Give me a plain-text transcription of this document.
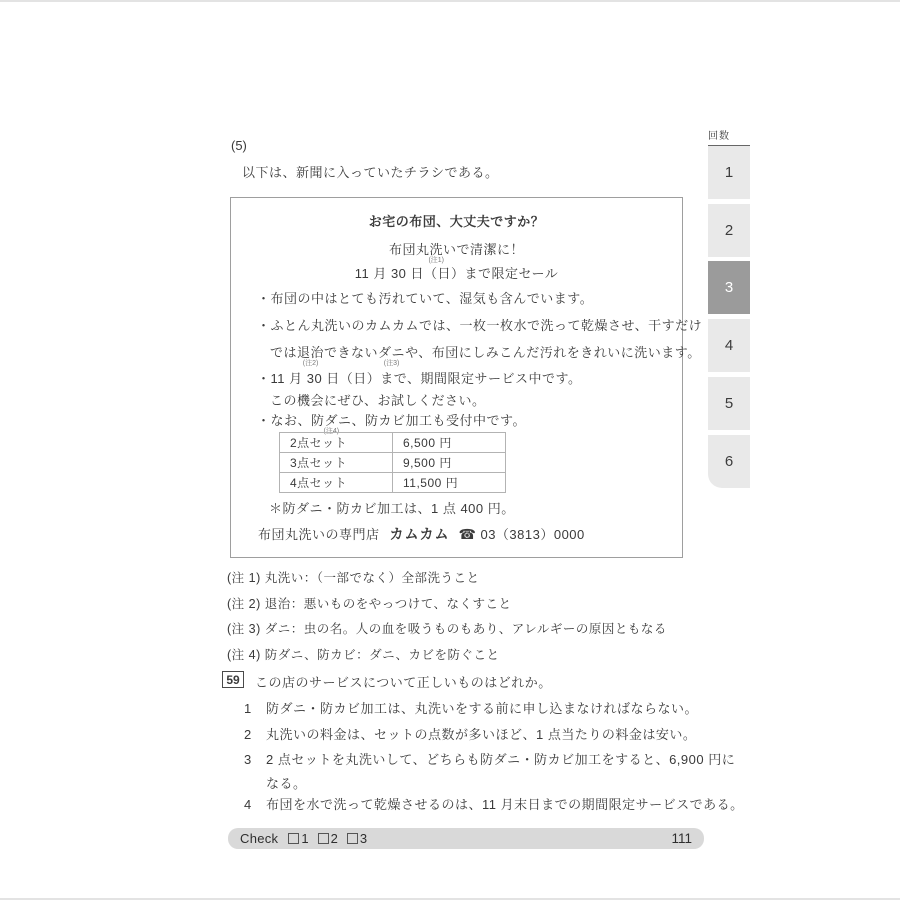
(5)
以下は、新聞に入っていたチラシである。
お宅の布団、大丈夫ですか？
布団丸洗い
(注1)
で清潔に！
11 月 30 日（日）まで限定セール
・布団の中はとても汚れていて、湿気も含んでいます。
・ふとん丸洗いのカムカムでは、一枚一枚水で洗って乾燥させ、干すだけ
では退治
(注2)
できないダニ
(注3)
や、布団にしみこんだ汚れをきれいに洗います。
・11 月 30 日（日）まで、期間限定サービス中です。
この機会にぜひ、お試しください。
・なお、防ダニ
(注4)
、防カビ加工も受付中です。
2点セット	6,500 円
3点セット	9,500 円
4点セット	11,500 円
＊防ダニ・防カビ加工は、1 点 400 円。
布団丸洗いの専門店 カムカム ☎ 03（3813）0000
(注 1) 丸洗い：（一部でなく）全部洗うこと
(注 2) 退治：悪いものをやっつけて、なくすこと
(注 3) ダニ：虫の名。人の血を吸うものもあり、アレルギーの原因ともなる
(注 4) 防ダニ、防カビ：ダニ、カビを防ぐこと
59	この店のサービスについて正しいものはどれか。
1 防ダニ・防カビ加工は、丸洗いをする前に申し込まなければならない。
2 丸洗いの料金は、セットの点数が多いほど、1 点当たりの料金は安い。
3 2 点セットを丸洗いして、どちらも防ダニ・防カビ加工をすると、6,900 円に
なる。
4 布団を水で洗って乾燥させるのは、11 月末日までの期間限定サービスである。
Check 1 2 3	111
回数
1
2
3
4
5
6
